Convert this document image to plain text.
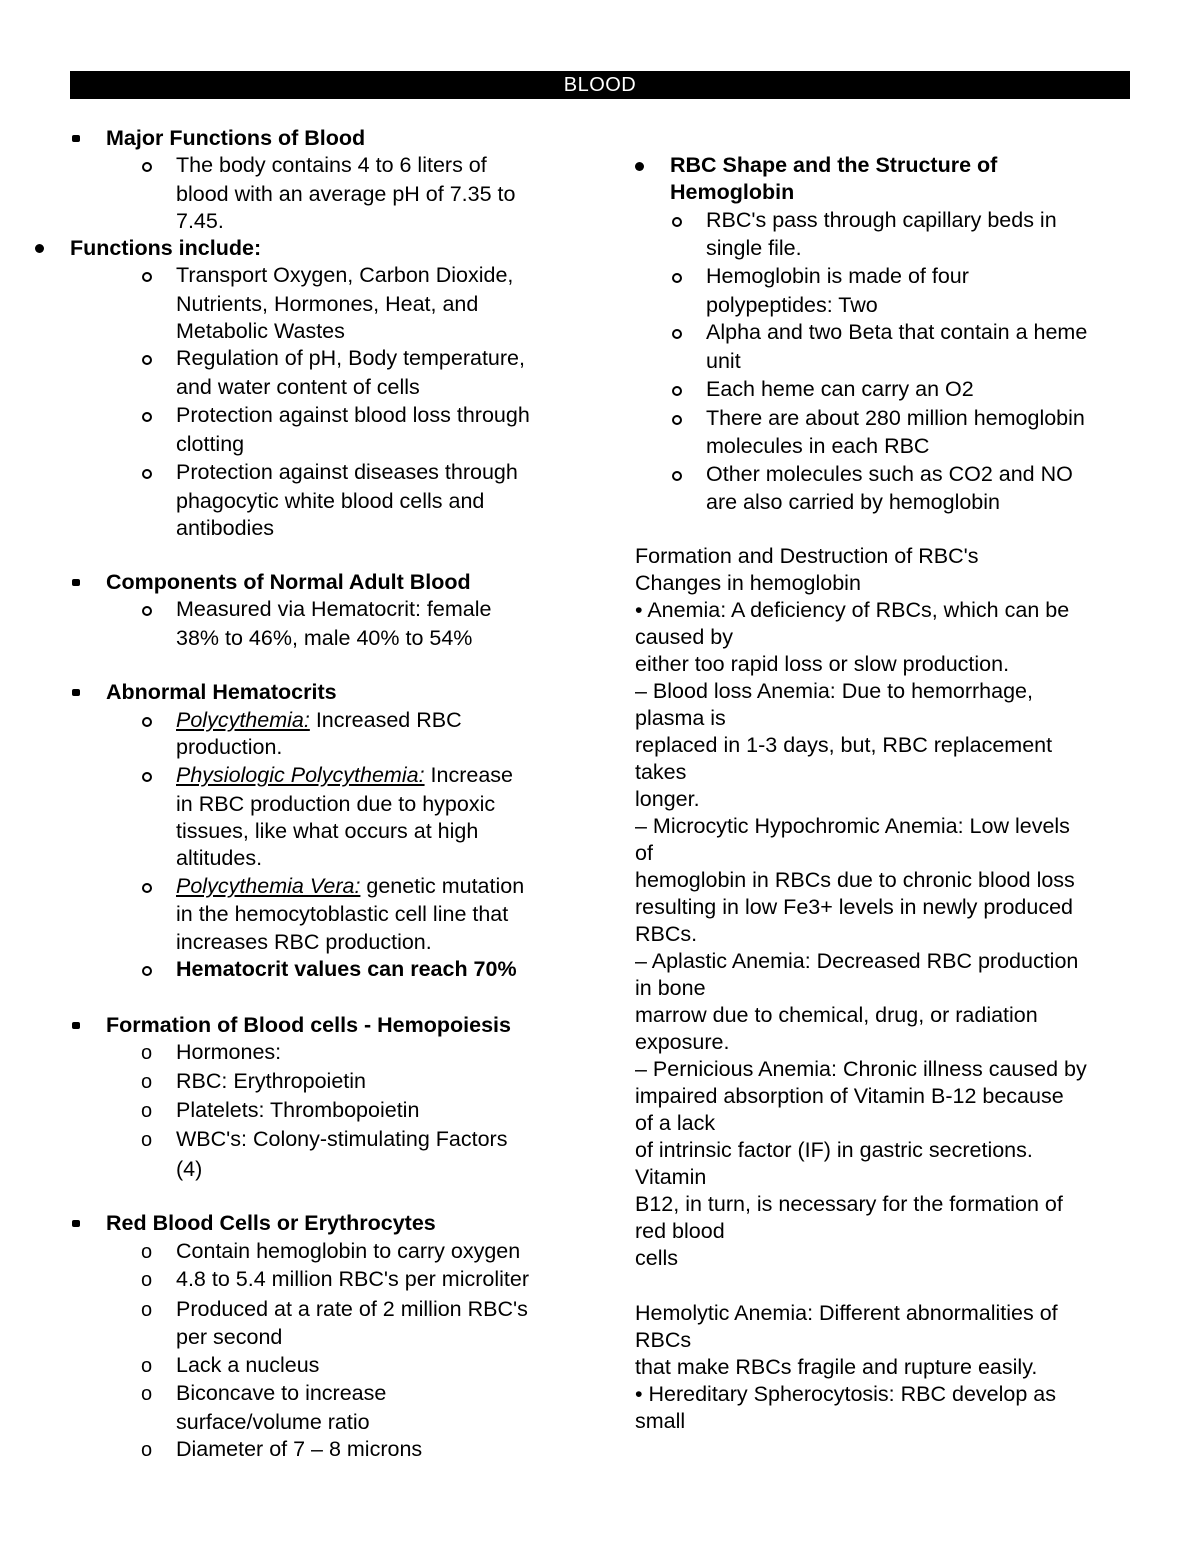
BLOOD
Major Functions of Blood
The body contains 4 to 6 liters of
blood with an average pH of 7.35 to
7.45.
Functions include:
Transport Oxygen, Carbon Dioxide,
Nutrients, Hormones, Heat, and
Metabolic Wastes
Regulation of pH, Body temperature,
and water content of cells
Protection against blood loss through
clotting
Protection against diseases through
phagocytic white blood cells and
antibodies
Components of Normal Adult Blood
Measured via Hematocrit: female
38% to 46%, male 40% to 54%
Abnormal Hematocrits
Polycythemia: Increased RBC
production.
Physiologic Polycythemia: Increase
in RBC production due to hypoxic
tissues, like what occurs at high
altitudes.
Polycythemia Vera: genetic mutation
in the hemocytoblastic cell line that
increases RBC production.
Hematocrit values can reach 70%
Formation of Blood cells - Hemopoiesis
o Hormones:
o RBC: Erythropoietin
o Platelets: Thrombopoietin
o WBC's: Colony-stimulating Factors
(4)
Red Blood Cells or Erythrocytes
o Contain hemoglobin to carry oxygen
o 4.8 to 5.4 million RBC's per microliter
o Produced at a rate of 2 million RBC's
per second
o Lack a nucleus
o Biconcave to increase
surface/volume ratio
o Diameter of 7 – 8 microns
RBC Shape and the Structure of
Hemoglobin
RBC's pass through capillary beds in
single file.
Hemoglobin is made of four
polypeptides: Two
Alpha and two Beta that contain a heme
unit
Each heme can carry an O2
There are about 280 million hemoglobin
molecules in each RBC
Other molecules such as CO2 and NO
are also carried by hemoglobin
Formation and Destruction of RBC's
Changes in hemoglobin
• Anemia: A deficiency of RBCs, which can be
caused by
either too rapid loss or slow production.
– Blood loss Anemia: Due to hemorrhage,
plasma is
replaced in 1-3 days, but, RBC replacement
takes
longer.
– Microcytic Hypochromic Anemia: Low levels
of
hemoglobin in RBCs due to chronic blood loss
resulting in low Fe3+ levels in newly produced
RBCs.
– Aplastic Anemia: Decreased RBC production
in bone
marrow due to chemical, drug, or radiation
exposure.
– Pernicious Anemia: Chronic illness caused by
impaired absorption of Vitamin B-12 because
of a lack
of intrinsic factor (IF) in gastric secretions.
Vitamin
B12, in turn, is necessary for the formation of
red blood
cells
Hemolytic Anemia: Different abnormalities of
RBCs
that make RBCs fragile and rupture easily.
• Hereditary Spherocytosis: RBC develop as
small
